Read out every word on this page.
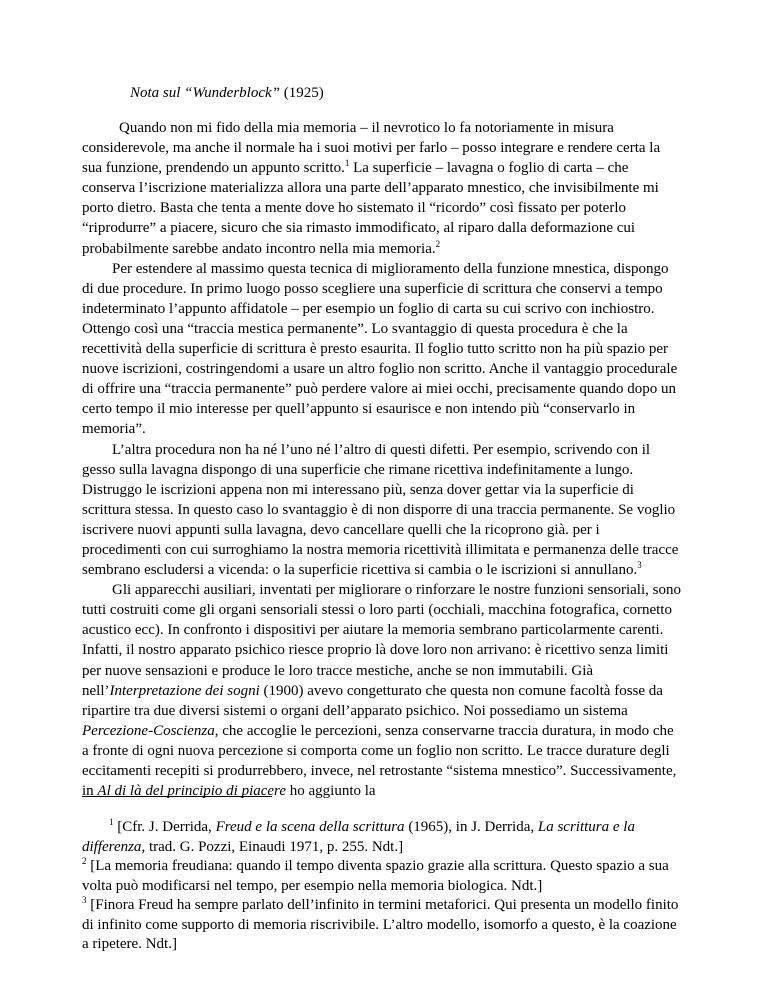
Nota sul “Wunderblock” (1925)

Quando non mi fido della mia memoria – il nevrotico lo fa notoriamente in misura considerevole, ma anche il normale ha i suoi motivi per farlo – posso integrare e rendere certa la sua funzione, prendendo un appunto scritto.$^1$ La superficie – lavagna o foglio di carta – che conserva l’iscrizione materializza allora una parte dell’apparato mnestico, che invisibilmente mi porto dietro. Basta che tenta a mente dove ho sistemato il “ricordo” così fissato per poterlo “riprodurre” a piacere, sicuro che sia rimasto immodificato, al riparo dalla deformazione cui probabilmente sarebbe andato incontro nella mia memoria.$^2$

Per estendere al massimo questa tecnica di miglioramento della funzione mnestica, dispongo di due procedure. In primo luogo posso scegliere una superficie di scrittura che conservi a tempo indeterminato l’appunto affidatole – per esempio un foglio di carta su cui scrivo con inchiostro. Ottengo così una “traccia mestica permanente”. Lo svantaggio di questa procedura è che la recettività della superficie di scrittura è presto esaurita. Il foglio tutto scritto non ha più spazio per nuove iscrizioni, costringendomi a usare un altro foglio non scritto. Anche il vantaggio procedurale di offrire una “traccia permanente” può perdere valore ai miei occhi, precisamente quando dopo un certo tempo il mio interesse per quell’appunto si esaurisce e non intendo più “conservarlo in memoria”.

L’altra procedura non ha né l’uno né l’altro di questi difetti. Per esempio, scrivendo con il gesso sulla lavagna dispongo di una superficie che rimane ricettiva indefinitamente a lungo. Distruggo le iscrizioni appena non mi interessano più, senza dover gettar via la superficie di scrittura stessa. In questo caso lo svantaggio è di non disporre di una traccia permanente. Se voglio iscrivere nuovi appunti sulla lavagna, devo cancellare quelli che la ricoprono già. per i procedimenti con cui surroghiamo la nostra memoria ricettività illimitata e permanenza delle tracce sembrano escludersi a vicenda: o la superficie ricettiva si cambia o le iscrizioni si annullano.$^3$

Gli apparecchi ausiliari, inventati per migliorare o rinforzare le nostre funzioni sensoriali, sono tutti costruiti come gli organi sensoriali stessi o loro parti (occhiali, macchina fotografica, cornetto acustico ecc). In confronto i dispositivi per aiutare la memoria sembrano particolarmente carenti. Infatti, il nostro apparato psichico riesce proprio là dove loro non arrivano: è ricettivo senza limiti per nuove sensazioni e produce le loro tracce mestiche, anche se non immutabili. Già nell’Interpretazione dei sogni (1900) avevo congetturato che questa non comune facoltà fosse da ripartire tra due diversi sistemi o organi dell’apparato psichico. Noi possediamo un sistema Percezione-Coscienza, che accoglie le percezioni, senza conservarne traccia duratura, in modo che a fronte di ogni nuova percezione si comporta come un foglio non scritto. Le tracce durature degli eccitamenti recepiti si produrrebbero, invece, nel retrostante “sistema mnestico”. Successivamente, in Al di là del principio di piacere ho aggiunto la

$^1$ [Cfr. J. Derrida, Freud e la scena della scrittura (1965), in J. Derrida, La scrittura e la differenza, trad. G. Pozzi, Einaudi 1971, p. 255. Ndt.]

$^2$ [La memoria freudiana: quando il tempo diventa spazio grazie alla scrittura. Questo spazio a sua volta può modificarsi nel tempo, per esempio nella memoria biologica. Ndt.]

$^3$ [Finora Freud ha sempre parlato dell’infinito in termini metaforici. Qui presenta un modello finito di infinito come supporto di memoria riscrivibile. L’altro modello, isomorfo a questo, è la coazione a ripetere. Ndt.]
